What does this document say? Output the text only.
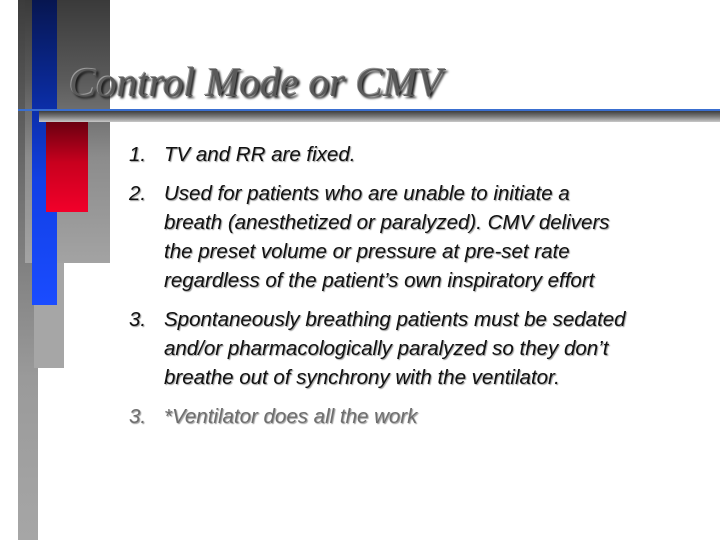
Control Mode or CMV
1. TV and RR are fixed.
2. Used for patients who are unable to initiate a breath (anesthetized or paralyzed). CMV delivers the preset volume or pressure at pre-set rate regardless of the patient’s own inspiratory effort
3. Spontaneously breathing patients must be sedated and/or pharmacologically paralyzed so they don’t breathe out of synchrony with the ventilator.
3. *Ventilator does all the work
